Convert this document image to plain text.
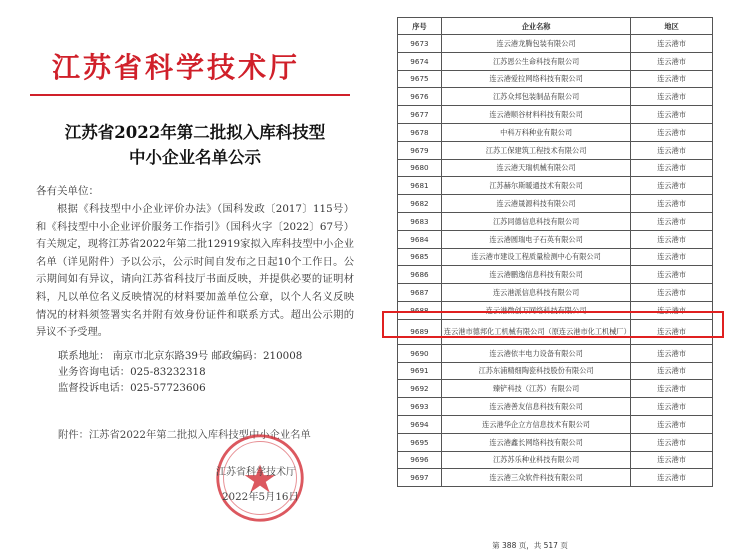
江苏省科学技术厅
江苏省2022年第二批拟入库科技型
中小企业名单公示
各有关单位：
根据《科技型中小企业评价办法》（国科发政〔2017〕115号）和《科技型中小企业评价服务工作指引》（国科火字〔2022〕67号）有关规定，现将江苏省2022年第二批12919家拟入库科技型中小企业名单（详见附件）予以公示，公示时间自发布之日起10个工作日。公示期间如有异议，请向江苏省科技厅书面反映，并提供必要的证明材料，凡以单位名义反映情况的材料要加盖单位公章，以个人名义反映情况的材料须签署实名并附有效身份证件和联系方式。超出公示期的异议不予受理。
联系地址： 南京市北京东路39号 邮政编码：210008
业务咨询电话：025-83232318
监督投诉电话：025-57723606
附件：江苏省2022年第二批拟入库科技型中小企业名单
江苏省科学技术厅
2022年5月16日
序号	企业名称	地区
9673	连云港龙腾包装有限公司	连云港市
9674	江苏恩公生命科技有限公司	连云港市
9675	连云港爱拉网络科技有限公司	连云港市
9676	江苏众邦包装制品有限公司	连云港市
9677	连云港顺谷材料科技有限公司	连云港市
9678	中科万科种业有限公司	连云港市
9679	江苏工保建筑工程技术有限公司	连云港市
9680	连云港天瑞机械有限公司	连云港市
9681	江苏赫尔斯暖通技术有限公司	连云港市
9682	连云港晟源科技有限公司	连云港市
9683	江苏同德信息科技有限公司	连云港市
9684	连云港圆瑞电子石英有限公司	连云港市
9685	连云港市建设工程质量检测中心有限公司	连云港市
9686	连云港鹏逸信息科技有限公司	连云港市
9687	连云港派信息科技有限公司	连云港市
9688	连云港微创万网络科技有限公司	连云港市
9689	连云港市德邦化工机械有限公司（原连云港市化工机械厂）	连云港市
9690	连云港依丰电力设备有限公司	连云港市
9691	江苏东浦精细陶瓷科技股份有限公司	连云港市
9692	臻铲科技（江苏）有限公司	连云港市
9693	连云港善友信息科技有限公司	连云港市
9694	连云港华企立方信息技术有限公司	连云港市
9695	连云港鑫长网络科技有限公司	连云港市
9696	江苏苏乐种业科技有限公司	连云港市
9697	连云港三众软件科技有限公司	连云港市
第 388 页，共 517 页
